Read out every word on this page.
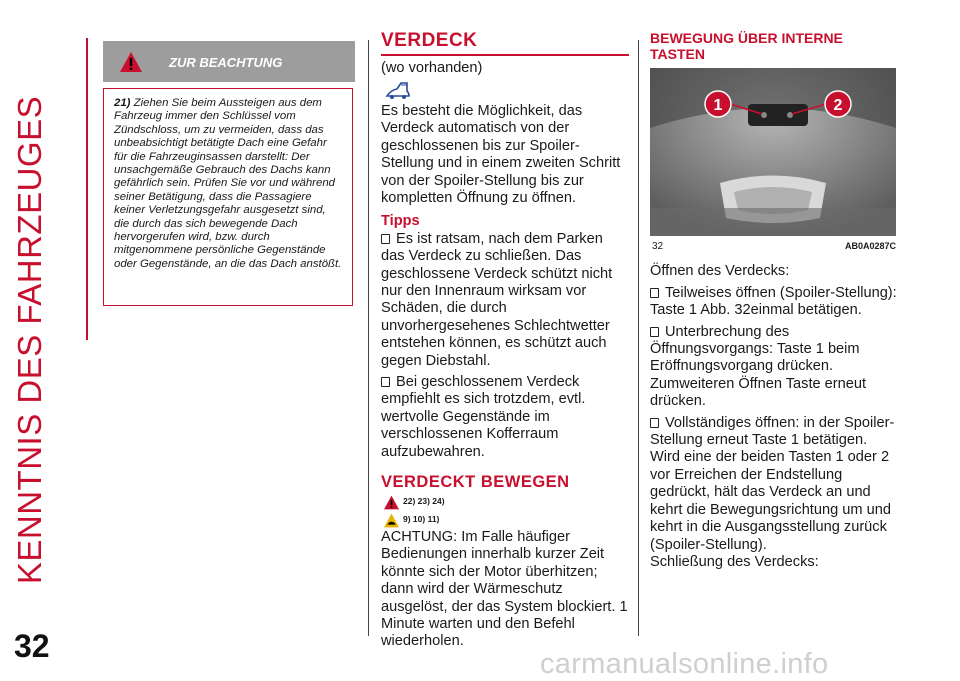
KENNTNIS DES FAHRZEUGES
32
ZUR BEACHTUNG
21) Ziehen Sie beim Aussteigen aus dem Fahrzeug immer den Schlüssel vom Zündschloss, um zu vermeiden, dass das unbeabsichtigt betätigte Dach eine Gefahr für die Fahrzeuginsassen darstellt: Der unsachgemäße Gebrauch des Dachs kann gefährlich sein. Prüfen Sie vor und während seiner Betätigung, dass die Passagiere keiner Verletzungsgefahr ausgesetzt sind, die durch das sich bewegende Dach hervorgerufen wird, bzw. durch mitgenommene persönliche Gegenstände oder Gegenstände, an die das Dach anstößt.
VERDECK

(wo vorhanden)

Es besteht die Möglichkeit, das Verdeck automatisch von der geschlossenen bis zur Spoiler-Stellung und in einem zweiten Schritt von der Spoiler-Stellung bis zur kompletten Öffnung zu öffnen.

Tipps

Es ist ratsam, nach dem Parken das Verdeck zu schließen. Das geschlossene Verdeck schützt nicht nur den Innenraum wirksam vor Schäden, die durch unvorhergesehenes Schlechtwetter entstehen können, es schützt auch gegen Diebstahl.

Bei geschlossenem Verdeck empfiehlt es sich trotzdem, evtl. wertvolle Gegenstände im verschlossenen Kofferraum aufzubewahren.

VERDECKT BEWEGEN
22) 23) 24)
9) 10) 11)

ACHTUNG: Im Falle häufiger Bedienungen innerhalb kurzer Zeit könnte sich der Motor überhitzen; dann wird der Wärmeschutz ausgelöst, der das System blockiert. 1 Minute warten und den Befehl wiederholen.

BEWEGUNG ÜBER INTERNE TASTEN
1	2
32	AB0A0287C

Öffnen des Verdecks:

Teilweises öffnen (Spoiler-Stellung): Taste 1 Abb. 32einmal betätigen.

Unterbrechung des Öffnungsvorgangs: Taste 1 beim Eröffnungsvorgang drücken. Zumweiteren Öffnen Taste erneut drücken.

Vollständiges öffnen: in der Spoiler-Stellung erneut Taste 1 betätigen. Wird eine der beiden Tasten 1 oder 2 vor Erreichen der Endstellung gedrückt, hält das Verdeck an und kehrt die Bewegungsrichtung um und kehrt in die Ausgangsstellung zurück (Spoiler-Stellung).

Schließung des Verdecks:

carmanualsonline.info
